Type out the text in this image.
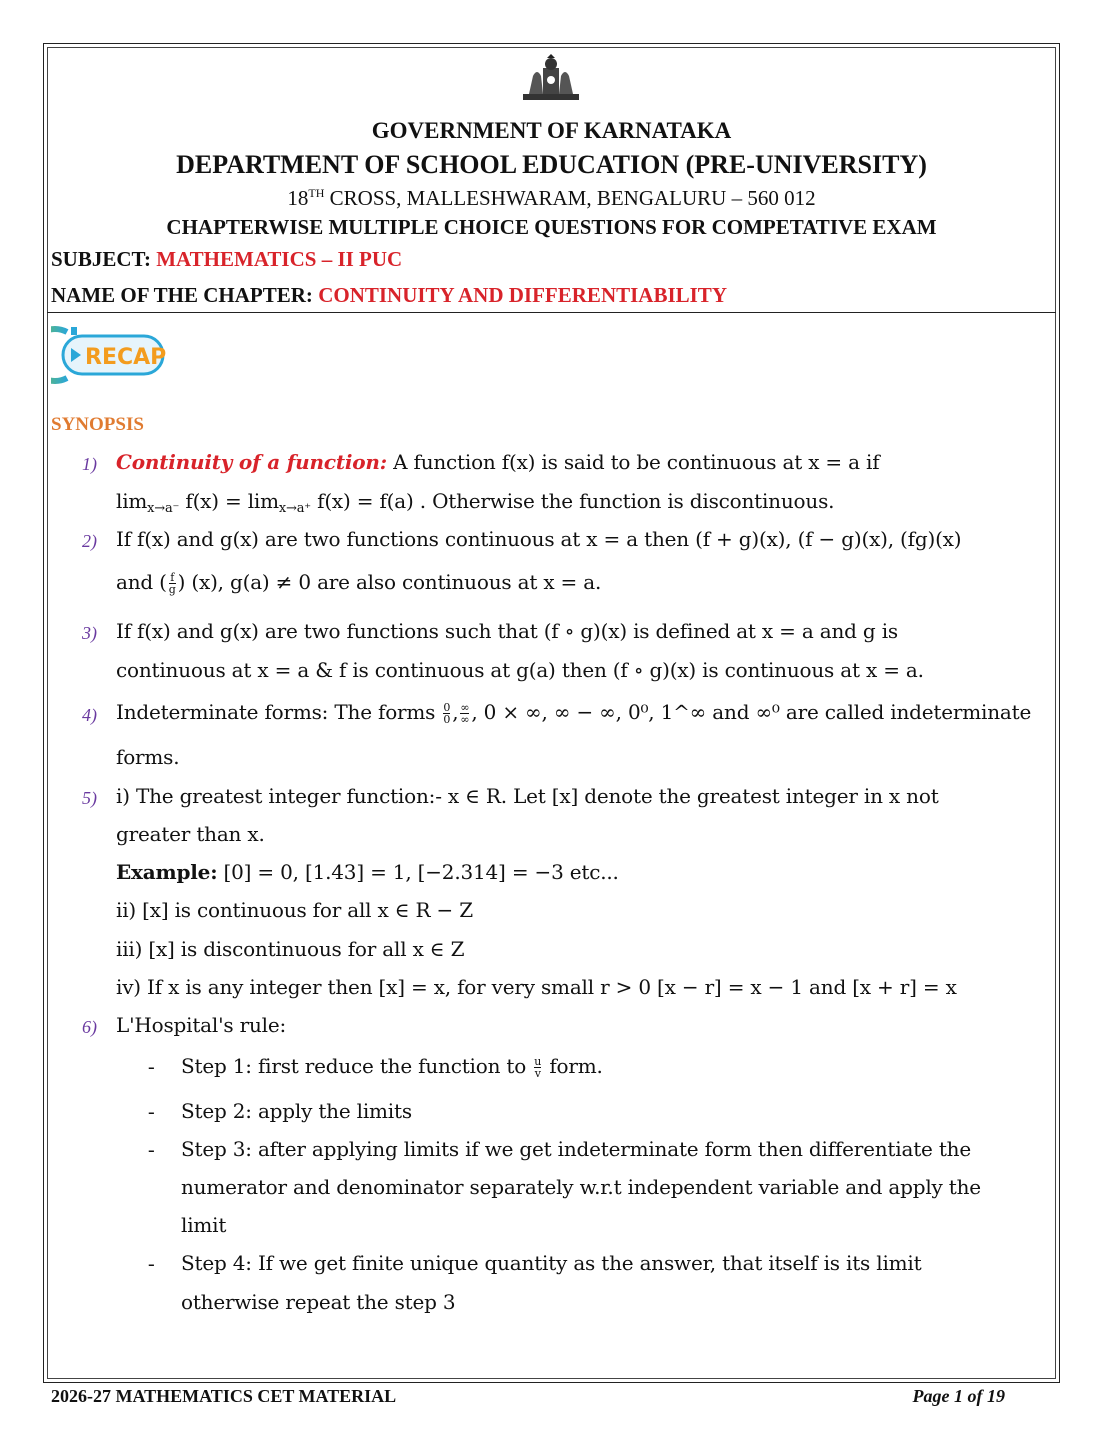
GOVERNMENT OF KARNATAKA
DEPARTMENT OF SCHOOL EDUCATION (PRE-UNIVERSITY)
18TH CROSS, MALLESHWARAM, BENGALURU – 560 012
CHAPTERWISE MULTIPLE CHOICE QUESTIONS FOR COMPETATIVE EXAM
SUBJECT: MATHEMATICS – II PUC
NAME OF THE CHAPTER: CONTINUITY AND DIFFERENTIABILITY
RECAP
SYNOPSIS
1) Continuity of a function: A function f(x) is said to be continuous at x = a if
$\lim_{x\to a^-} f(x) = \lim_{x\to a^+} f(x) = f(a)$ . Otherwise the function is discontinuous.
2) If f(x) and g(x) are two functions continuous at x = a then (f + g)(x), (f − g)(x), (fg)(x)
and ( $\frac{f}{g}$ ) (x), g(a) ≠ 0 are also continuous at x = a.
3) If f(x) and g(x) are two functions such that (f ∘ g)(x) is defined at x = a and g is
continuous at x = a & f is continuous at g(a) then (f ∘ g)(x) is continuous at x = a.
4) Indeterminate forms: The forms $\frac{0}{0}$ , $\frac{\infty}{\infty}$ , 0 × ∞, ∞ − ∞, 0⁰, 1^∞ and ∞⁰ are called indeterminate
forms.
5) i) The greatest integer function:- x ∈ R. Let [x] denote the greatest integer in x not
greater than x.
Example: [0] = 0, [1.43] = 1, [−2.314] = −3 etc...
ii) [x] is continuous for all x ∈ R − Z
iii) [x] is discontinuous for all x ∈ Z
iv) If x is any integer then [x] = x, for very small r > 0 [x − r] = x − 1 and [x + r] = x
6) L'Hospital's rule:
- Step 1: first reduce the function to $\frac{u}{v}$ form.
- Step 2: apply the limits
- Step 3: after applying limits if we get indeterminate form then differentiate the
numerator and denominator separately w.r.t independent variable and apply the
limit
- Step 4: If we get finite unique quantity as the answer, that itself is its limit
otherwise repeat the step 3
2026-27 MATHEMATICS CET MATERIAL	Page 1 of 19
